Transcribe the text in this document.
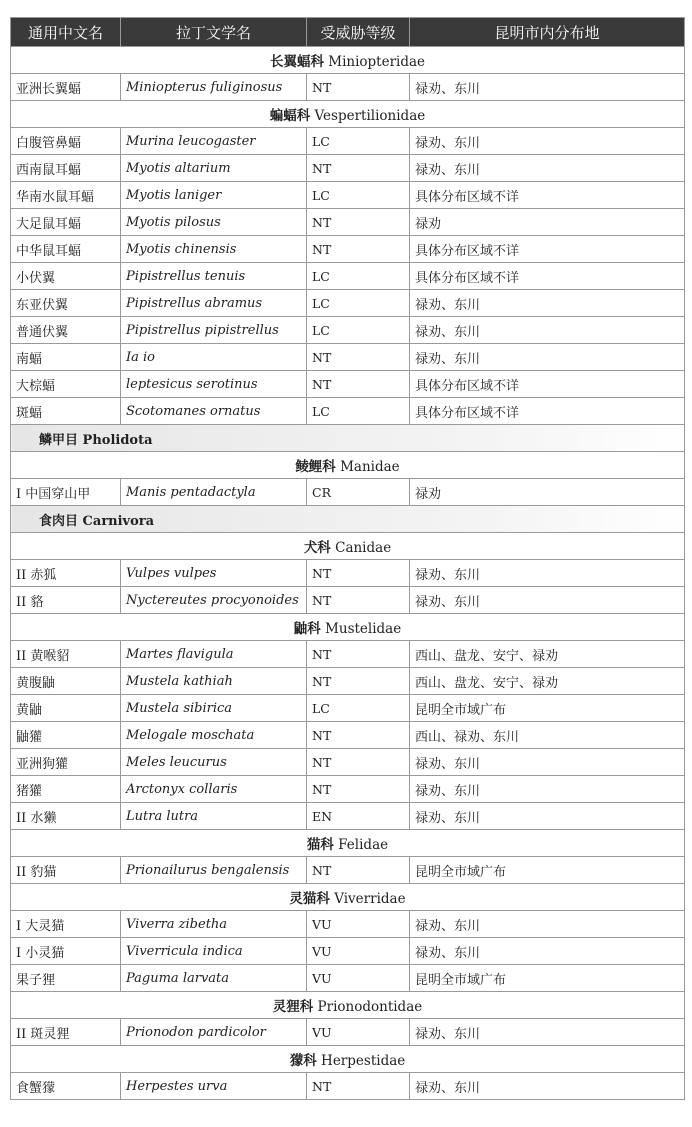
通用中文名	拉丁文学名	受威胁等级	昆明市内分布地
长翼蝠科 Miniopteridae			
亚洲长翼蝠	Miniopterus fuliginosus	NT	禄劝、东川
蝙蝠科 Vespertilionidae			
白腹管鼻蝠	Murina leucogaster	LC	禄劝、东川
西南鼠耳蝠	Myotis altarium	NT	禄劝、东川
华南水鼠耳蝠	Myotis laniger	LC	具体分布区域不详
大足鼠耳蝠	Myotis pilosus	NT	禄劝
中华鼠耳蝠	Myotis chinensis	NT	具体分布区域不详
小伏翼	Pipistrellus tenuis	LC	具体分布区域不详
东亚伏翼	Pipistrellus abramus	LC	禄劝、东川
普通伏翼	Pipistrellus pipistrellus	LC	禄劝、东川
南蝠	Ia io	NT	禄劝、东川
大棕蝠	leptesicus serotinus	NT	具体分布区域不详
斑蝠	Scotomanes ornatus	LC	具体分布区域不详
鳞甲目 Pholidota			
鲮鲤科 Manidae			
I 中国穿山甲	Manis pentadactyla	CR	禄劝
食肉目 Carnivora			
犬科 Canidae			
II 赤狐	Vulpes vulpes	NT	禄劝、东川
II 貉	Nyctereutes procyonoides	NT	禄劝、东川
鼬科 Mustelidae			
II 黄喉貂	Martes flavigula	NT	西山、盘龙、安宁、禄劝
黄腹鼬	Mustela kathiah	NT	西山、盘龙、安宁、禄劝
黄鼬	Mustela sibirica	LC	昆明全市域广布
鼬獾	Melogale moschata	NT	西山、禄劝、东川
亚洲狗獾	Meles leucurus	NT	禄劝、东川
猪獾	Arctonyx collaris	NT	禄劝、东川
II 水獭	Lutra lutra	EN	禄劝、东川
猫科 Felidae			
II 豹猫	Prionailurus bengalensis	NT	昆明全市域广布
灵猫科 Viverridae			
I 大灵猫	Viverra zibetha	VU	禄劝、东川
I 小灵猫	Viverricula indica	VU	禄劝、东川
果子狸	Paguma larvata	VU	昆明全市域广布
灵狸科 Prionodontidae			
II 斑灵狸	Prionodon pardicolor	VU	禄劝、东川
獴科 Herpestidae			
食蟹獴	Herpestes urva	NT	禄劝、东川
